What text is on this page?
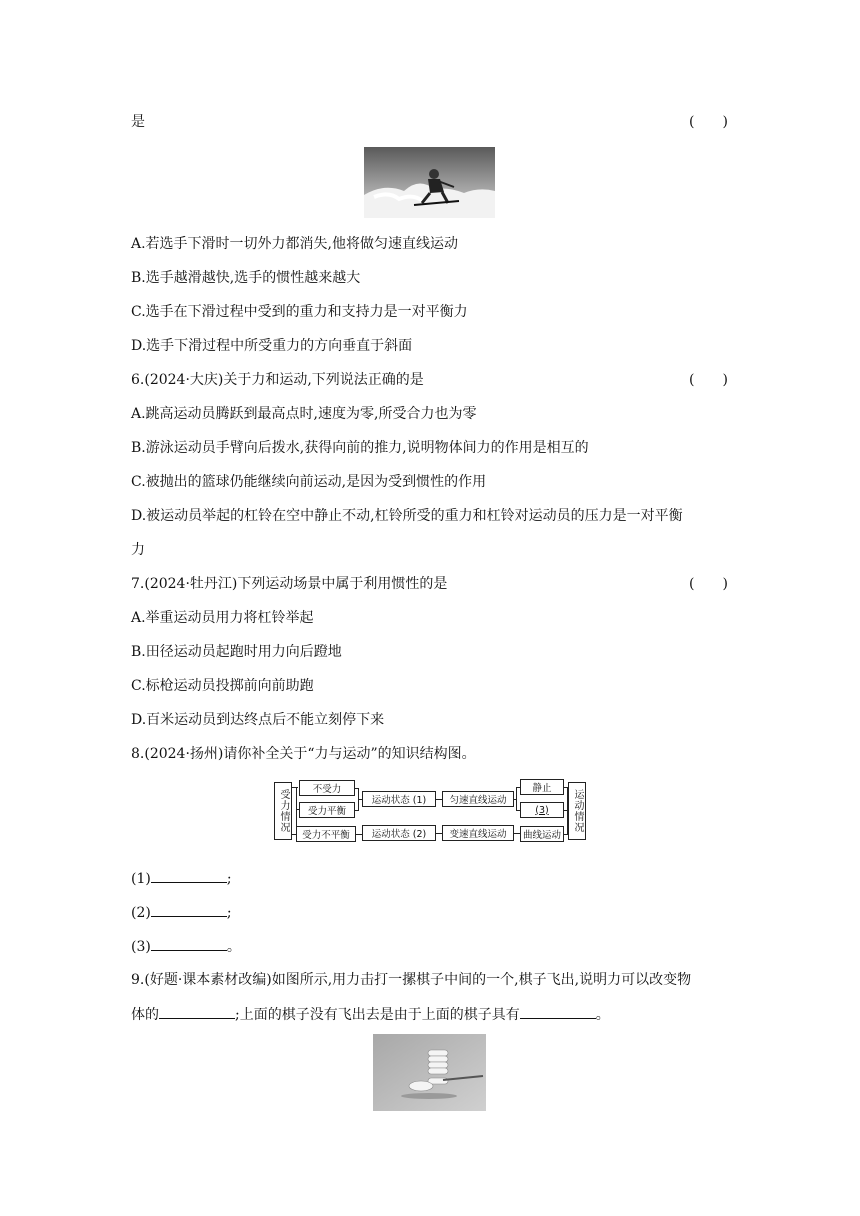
是	(　　)
A.若选手下滑时一切外力都消失,他将做匀速直线运动
B.选手越滑越快,选手的惯性越来越大
C.选手在下滑过程中受到的重力和支持力是一对平衡力
D.选手下滑过程中所受重力的方向垂直于斜面
6.(2024·大庆)关于力和运动,下列说法正确的是	(　　)
A.跳高运动员腾跃到最高点时,速度为零,所受合力也为零
B.游泳运动员手臂向后拨水,获得向前的推力,说明物体间力的作用是相互的
C.被抛出的篮球仍能继续向前运动,是因为受到惯性的作用
D.被运动员举起的杠铃在空中静止不动,杠铃所受的重力和杠铃对运动员的压力是一对平衡
力
7.(2024·牡丹江)下列运动场景中属于利用惯性的是	(　　)
A.举重运动员用力将杠铃举起
B.田径运动员起跑时用力向后蹬地
C.标枪运动员投掷前向前助跑
D.百米运动员到达终点后不能立刻停下来
8.(2024·扬州)请你补全关于“力与运动”的知识结构图。
受力情况	不受力
受力平衡
受力不平衡
运动状态 (1)
运动状态 (2)
匀速直线运动
变速直线运动
静止
(3)
曲线运动
运动情况
(1)	;
(2)	;
(3)	。
9.(好题·课本素材改编)如图所示,用力击打一摞棋子中间的一个,棋子飞出,说明力可以改变物
体的	;上面的棋子没有飞出去是由于上面的棋子具有	。
